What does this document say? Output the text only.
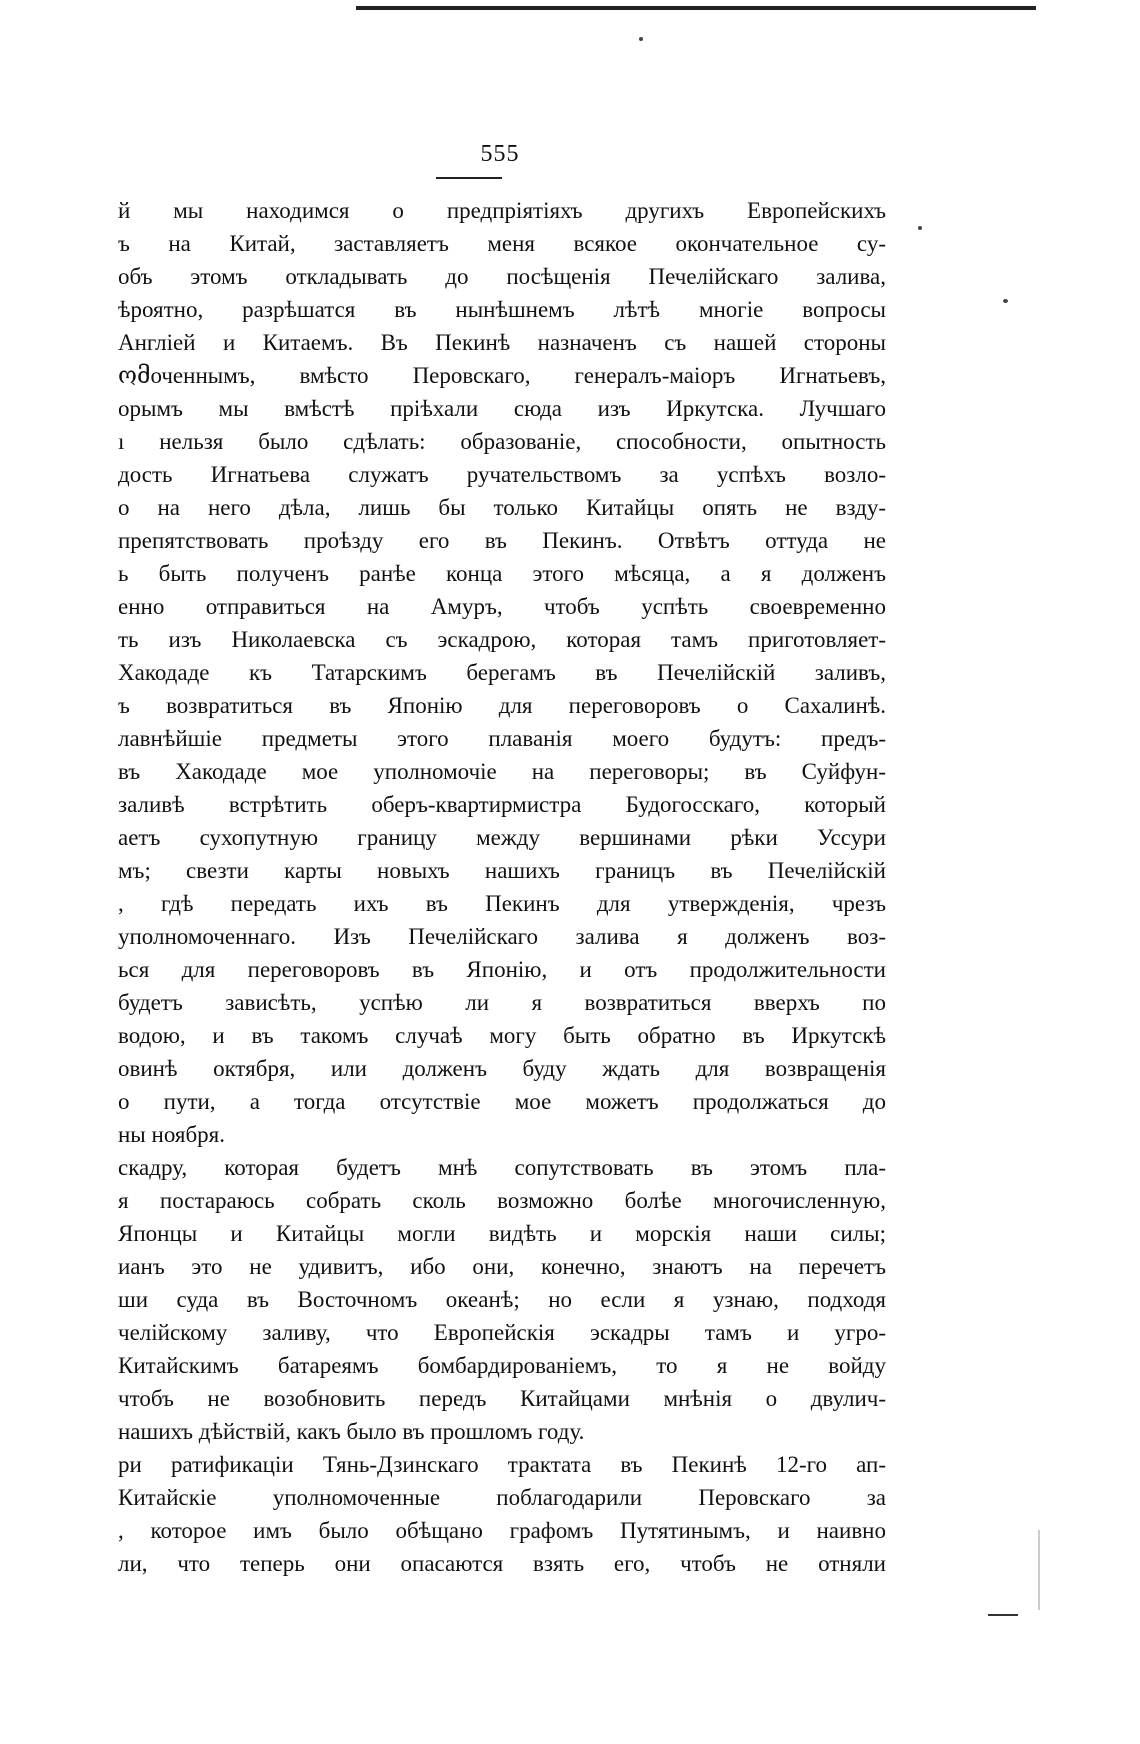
555
й мы находимся о предпріятіяхъ другихъ Европейскихъ
ъ на Китай, заставляетъ меня всякое окончательное су-
объ этомъ откладывать до посѣщенія Печелійскаго залива,
ѣроятно, разрѣшатся въ нынѣшнемъ лѣтѣ многіе вопросы
Англіей и Китаемъ. Въ Пекинѣ назначенъ съ нашей стороны
ომоченнымъ, вмѣсто Перовскаго, генералъ-маіоръ Игнатьевъ,
орымъ мы вмѣстѣ пріѣхали сюда изъ Иркутска. Лучшаго
ı нельзя было сдѣлать: образованіе, способности, опытность
дость Игнатьева служатъ ручательствомъ за успѣхъ возло-
о на него дѣла, лишь бы только Китайцы опять не взду-
препятствовать проѣзду его въ Пекинъ. Отвѣтъ оттуда не
ь быть полученъ ранѣе конца этого мѣсяца, а я долженъ
енно отправиться на Амуръ, чтобъ успѣть своевременно
ть изъ Николаевска съ эскадрою, которая тамъ приготовляет-
Хакодаде къ Татарскимъ берегамъ въ Печелійскій заливъ,
ъ возвратиться въ Японію для переговоровъ о Сахалинѣ.
лавнѣйшіе предметы этого плаванія моего будутъ: предъ-
въ Хакодаде мое уполномочіе на переговоры; въ Суйфун-
заливѣ встрѣтить оберъ-квартирмистра Будогосскаго, который
аетъ сухопутную границу между вершинами рѣки Уссури
мъ; свезти карты новыхъ нашихъ границъ въ Печелійскій
, гдѣ передать ихъ въ Пекинъ для утвержденія, чрезъ
уполномоченнаго. Изъ Печелійскаго залива я долженъ воз-
ься для переговоровъ въ Японію, и отъ продолжительности
будетъ зависѣть, успѣю ли я возвратиться вверхъ по
водою, и въ такомъ случаѣ могу быть обратно въ Иркутскѣ
овинѣ октября, или долженъ буду ждать для возвращенія
о пути, а тогда отсутствіе мое можетъ продолжаться до
ны ноября.
скадру, которая будетъ мнѣ сопутствовать въ этомъ пла-
я постараюсь собрать сколь возможно болѣе многочисленную,
Японцы и Китайцы могли видѣть и морскія наши силы;
ианъ это не удивитъ, ибо они, конечно, знаютъ на перечетъ
ши суда въ Восточномъ океанѣ; но если я узнаю, подходя
челійскому заливу, что Европейскія эскадры тамъ и угро-
Китайскимъ батареямъ бомбардированіемъ, то я не войду
чтобъ не возобновить передъ Китайцами мнѣнія о двулич-
нашихъ дѣйствій, какъ было въ прошломъ году.
ри ратификаціи Тянь-Дзинскаго трактата въ Пекинѣ 12-го ап-
Китайскіе уполномоченные поблагодарили Перовскаго за
, которое имъ было обѣщано графомъ Путятинымъ, и наивно
ли, что теперь они опасаются взять его, чтобъ не отняли
